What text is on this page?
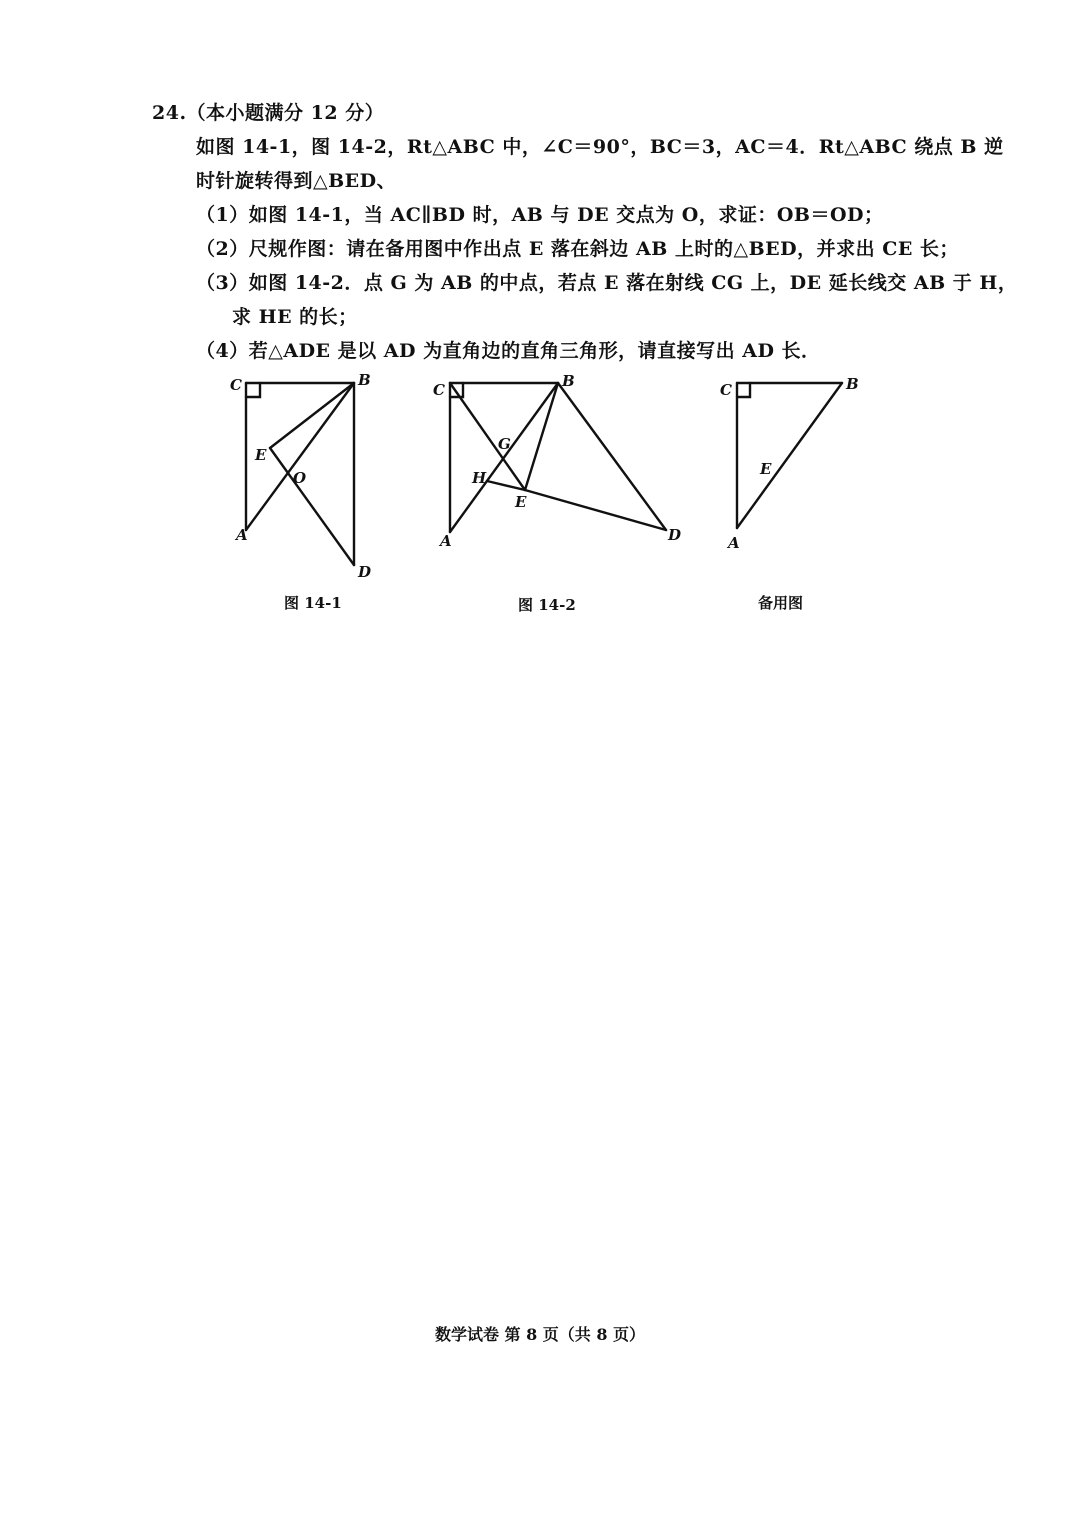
24.（本小题满分 12 分）
如图 14-1，图 14-2，Rt△ABC 中，∠C＝90°，BC＝3，AC＝4．Rt△ABC 绕点 B 逆
时针旋转得到△BED、
（1）如图 14-1，当 AC∥BD 时，AB 与 DE 交点为 O，求证：OB＝OD；
（2）尺规作图：请在备用图中作出点 E 落在斜边 AB 上时的△BED，并求出 CE 长；
（3）如图 14-2．点 G 为 AB 的中点，若点 E 落在射线 CG 上，DE 延长线交 AB 于 H，
求 HE 的长；
（4）若△ADE 是以 AD 为直角边的直角三角形，请直接写出 AD 长．
C	B
E
O
A
D
图 14-1
C	B
G
H
E
A	D
图 14-2
C	B
E
A
备用图
数学试卷 第 8 页（共 8 页）
